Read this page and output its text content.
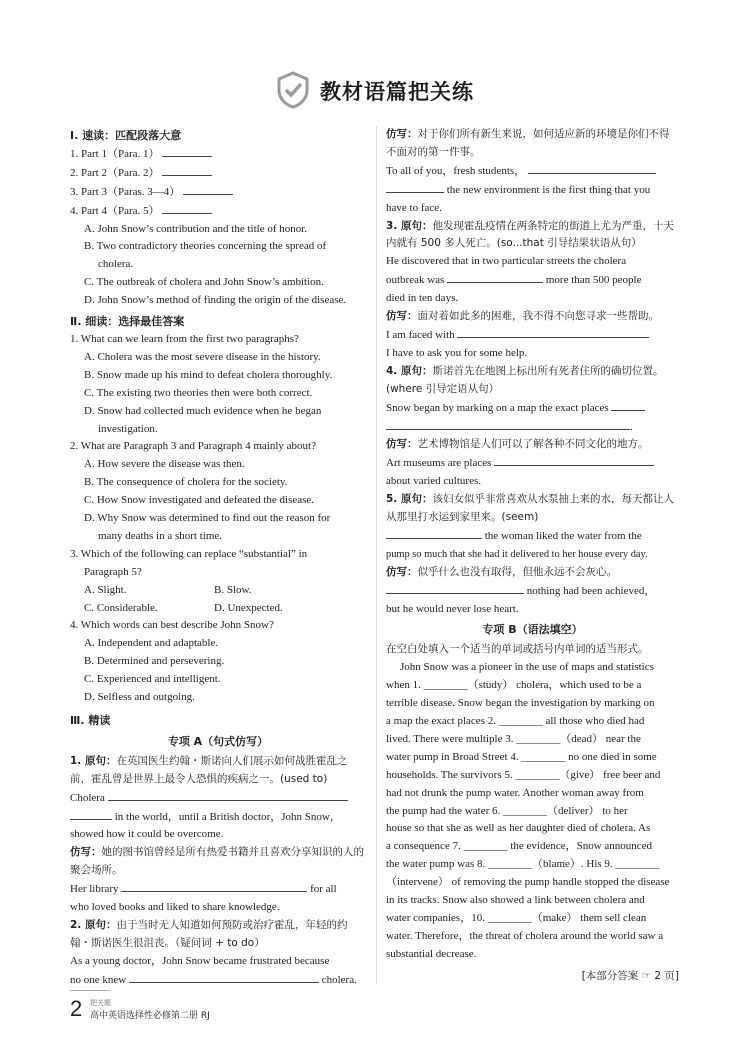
教材语篇把关练
Ⅰ. 速读：匹配段落大意
1. Part 1（Para. 1）
2. Part 2（Para. 2）
3. Part 3（Paras. 3—4）
4. Part 4（Para. 5）
A. John Snow’s contribution and the title of honor.
B. Two contradictory theories concerning the spread of
cholera.
C. The outbreak of cholera and John Snow’s ambition.
D. John Snow’s method of finding the origin of the disease.
Ⅱ. 细读：选择最佳答案
1. What can we learn from the first two paragraphs?
A. Cholera was the most severe disease in the history.
B. Snow made up his mind to defeat cholera thoroughly.
C. The existing two theories then were both correct.
D. Snow had collected much evidence when he began
investigation.
2. What are Paragraph 3 and Paragraph 4 mainly about?
A. How severe the disease was then.
B. The consequence of cholera for the society.
C. How Snow investigated and defeated the disease.
D. Why Snow was determined to find out the reason for
many deaths in a short time.
3. Which of the following can replace “substantial” in
Paragraph 5?
A. Slight.	B. Slow.
C. Considerable.	D. Unexpected.
4. Which words can best describe John Snow?
A. Independent and adaptable.
B. Determined and persevering.
C. Experienced and intelligent.
D. Selfless and outgoing.
Ⅲ. 精读
专项 A（句式仿写）
1. 原句：在英国医生约翰・斯诺向人们展示如何战胜霍乱之前，霍乱曾是世界上最令人恐惧的疾病之一。(used to)
Cholera
in the world，until a British doctor，John Snow，
showed how it could be overcome.
仿写：她的图书馆曾经是所有热爱书籍并且喜欢分享知识的人的聚会场所。
Her library	for all
who loved books and liked to share knowledge.
2. 原句：由于当时无人知道如何预防或治疗霍乱，年轻的约翰・斯诺医生很沮丧。（疑问词 + to do）
As a young doctor，John Snow became frustrated because
no one knew	cholera.
仿写：对于你们所有新生来说，如何适应新的环境是你们不得不面对的第一件事。
To all of you，fresh students，
the new environment is the first thing that you
have to face.
3. 原句：他发现霍乱疫情在两条特定的街道上尤为严重，十天内就有 500 多人死亡。(so...that 引导结果状语从句）
He discovered that in two particular streets the cholera
outbreak was	more than 500 people
died in ten days.
仿写：面对着如此多的困难，我不得不向您寻求一些帮助。
I am faced with
I have to ask you for some help.
4. 原句：斯诺首先在地图上标出所有死者住所的确切位置。(where 引导定语从句）
Snow began by marking on a map the exact places
.
仿写：艺术博物馆是人们可以了解各种不同文化的地方。
Art museums are places
about varied cultures.
5. 原句：该妇女似乎非常喜欢从水泵抽上来的水，每天都让人从那里打水运到家里来。(seem)
the woman liked the water from the
pump so much that she had it delivered to her house every day.
仿写：似乎什么也没有取得，但他永远不会灰心。
nothing had been achieved，
but he would never lose heart.
专项 B（语法填空）
在空白处填入一个适当的单词或括号内单词的适当形式。
John Snow was a pioneer in the use of maps and statistics
when 1. ________（study） cholera，which used to be a
terrible disease. Snow began the investigation by marking on
a map the exact places 2. ________ all those who died had
lived. There were multiple 3. ________（dead） near the
water pump in Broad Street 4. ________ no one died in some
households. The survivors 5. ________（give） free beer and
had not drunk the pump water. Another woman away from
the pump had the water 6. ________（deliver） to her
house so that she as well as her daughter died of cholera. As
a consequence 7. ________ the evidence，Snow announced
the water pump was 8. ________（blame）. His 9. ________
（intervene） of removing the pump handle stopped the disease
in its tracks. Snow also showed a link between cholera and
water companies，10. ________（make） them sell clean
water. Therefore，the threat of cholera around the world saw a
substantial decrease.
[本部分答案 ☞ 2 页]
2 把关题
高中英语选择性必修第二册 RJ
